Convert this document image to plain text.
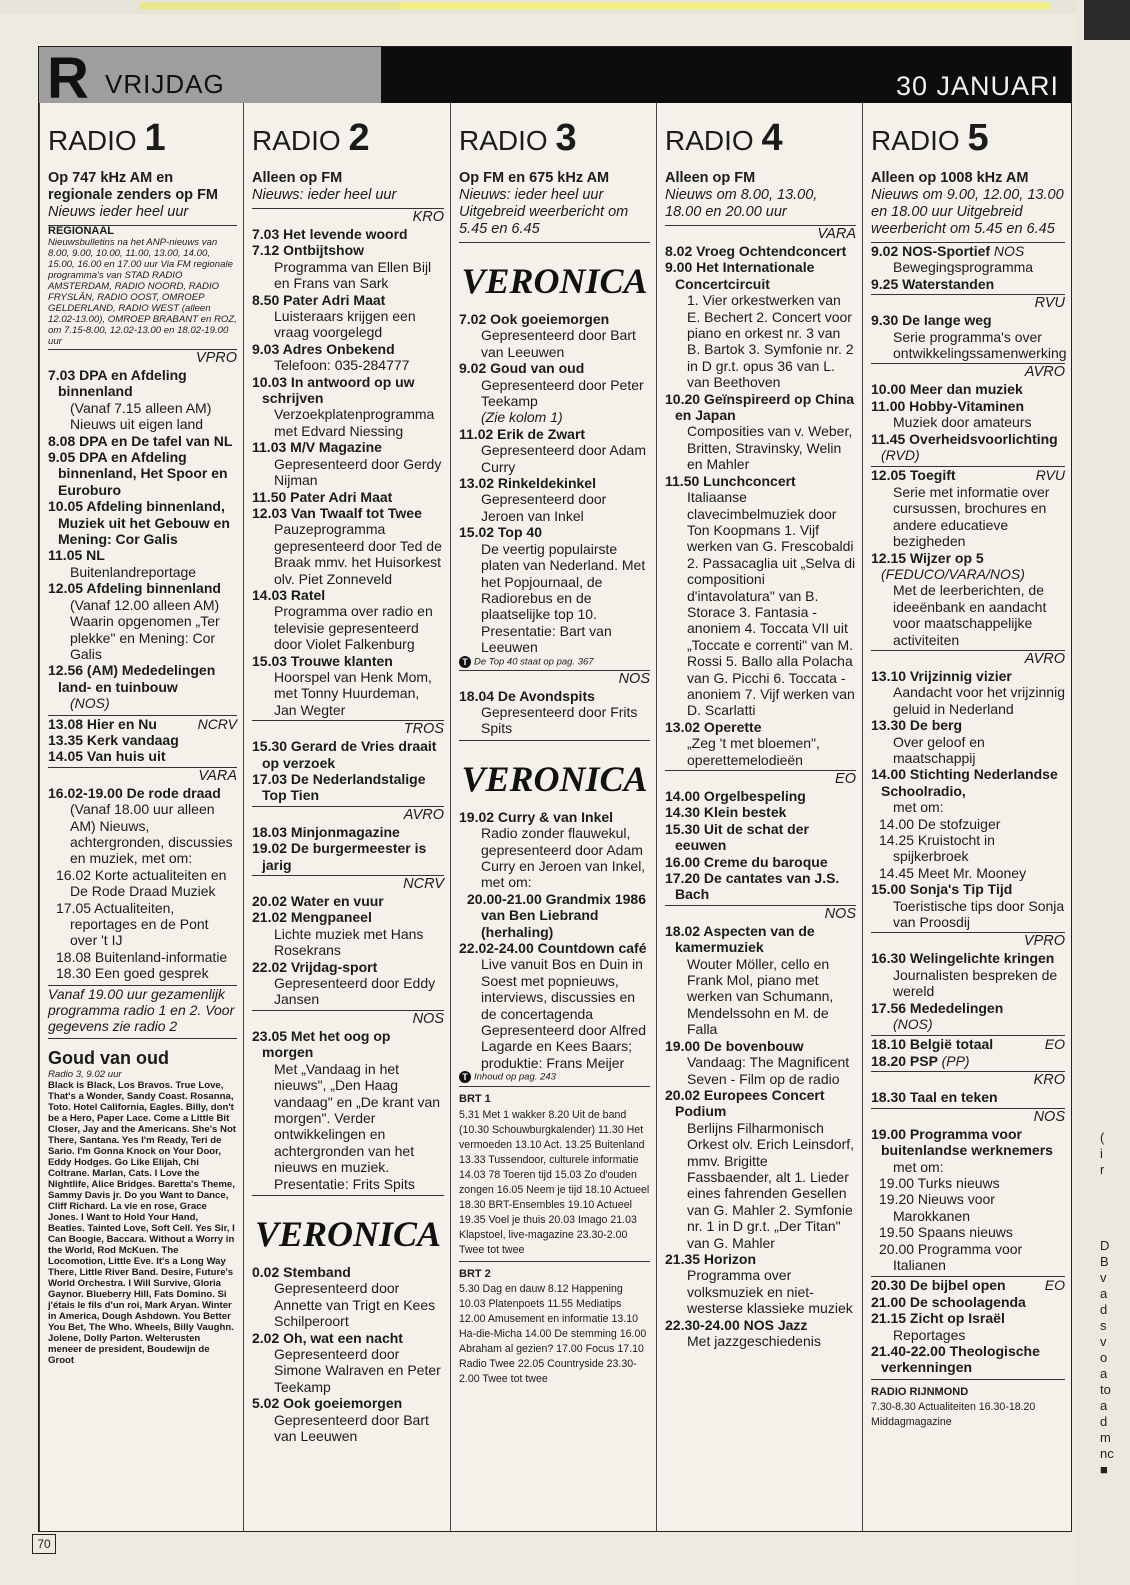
(
i
r
D
B
v
a
d
s
v
o
a
to
a
d
m
nc
■
R VRIJDAG	30 JANUARI
RADIO 1
Op 747 kHz AM en regionale zenders op FM
Nieuws ieder heel uur
REGIONAAL
Nieuwsbulletins na het ANP-nieuws van 8.00, 9.00, 10.00, 11.00, 13.00, 14.00, 15.00, 16.00 en 17.00 uur Via FM regionale programma's van STAD RADIO AMSTERDAM, RADIO NOORD, RADIO FRYSLÂN, RADIO OOST, OMROEP GELDERLAND, RADIO WEST (alleen 12.02-13.00), OMROEP BRABANT en ROZ, om 7.15-8.00, 12.02-13.00 en 18.02-19.00 uur
VPRO
7.03 DPA en Afdeling binnenland
(Vanaf 7.15 alleen AM) Nieuws uit eigen land
8.08 DPA en De tafel van NL
9.05 DPA en Afdeling binnenland, Het Spoor en Euroburo
10.05 Afdeling binnenland, Muziek uit het Gebouw en Mening: Cor Galis
11.05 NL
Buitenlandreportage
12.05 Afdeling binnenland
(Vanaf 12.00 alleen AM) Waarin opgenomen „Ter plekke" en Mening: Cor Galis
12.56 (AM) Mededelingen land- en tuinbouw
(NOS)
13.08 Hier en Nu	NCRV
13.35 Kerk vandaag
14.05 Van huis uit
VARA
16.02-19.00 De rode draad
(Vanaf 18.00 uur alleen AM) Nieuws, achtergronden, discussies en muziek, met om:
16.02 Korte actualiteiten en De Rode Draad Muziek
17.05 Actualiteiten, reportages en de Pont over 't IJ
18.08 Buitenland-informatie
18.30 Een goed gesprek
Vanaf 19.00 uur gezamenlijk programma radio 1 en 2. Voor gegevens zie radio 2
Goud van oud
Radio 3, 9.02 uur
Black is Black, Los Bravos. True Love, That's a Wonder, Sandy Coast. Rosanna, Toto. Hotel California, Eagles. Billy, don't be a Hero, Paper Lace. Come a Little Bit Closer, Jay and the Americans. She's Not There, Santana. Yes I'm Ready, Teri de Sario. I'm Gonna Knock on Your Door, Eddy Hodges. Go Like Elijah, Chi Coltrane. Marlan, Cats. I Love the Nightlife, Alice Bridges. Baretta's Theme, Sammy Davis jr. Do you Want to Dance, Cliff Richard. La vie en rose, Grace Jones. I Want to Hold Your Hand, Beatles. Tainted Love, Soft Cell. Yes Sir, I Can Boogie, Baccara. Without a Worry in the World, Rod McKuen. The Locomotion, Little Eve. It's a Long Way There, Little River Band. Desire, Future's World Orchestra. I Will Survive, Gloria Gaynor. Blueberry Hill, Fats Domino. Si j'étais le fils d'un roi, Mark Aryan. Winter in America, Dough Ashdown. You Better You Bet, The Who. Wheels, Billy Vaughn. Jolene, Dolly Parton. Welterusten meneer de president, Boudewijn de Groot
RADIO 2
Alleen op FM
Nieuws: ieder heel uur
KRO
7.03 Het levende woord
7.12 Ontbijtshow
Programma van Ellen Bijl en Frans van Sark
8.50 Pater Adri Maat
Luisteraars krijgen een vraag voorgelegd
9.03 Adres Onbekend
Telefoon: 035-284777
10.03 In antwoord op uw schrijven
Verzoekplatenprogramma met Edvard Niessing
11.03 M/V Magazine
Gepresenteerd door Gerdy Nijman
11.50 Pater Adri Maat
12.03 Van Twaalf tot Twee
Pauzeprogramma gepresenteerd door Ted de Braak mmv. het Huisorkest olv. Piet Zonneveld
14.03 Ratel
Programma over radio en televisie gepresenteerd door Violet Falkenburg
15.03 Trouwe klanten
Hoorspel van Henk Mom, met Tonny Huurdeman, Jan Wegter
TROS
15.30 Gerard de Vries draait op verzoek
17.03 De Nederlandstalige Top Tien
AVRO
18.03 Minjonmagazine
19.02 De burgermeester is jarig
NCRV
20.02 Water en vuur
21.02 Mengpaneel
Lichte muziek met Hans Rosekrans
22.02 Vrijdag-sport
Gepresenteerd door Eddy Jansen
NOS
23.05 Met het oog op morgen
Met „Vandaag in het nieuws", „Den Haag vandaag" en „De krant van morgen". Verder ontwikkelingen en achtergronden van het nieuws en muziek. Presentatie: Frits Spits
VERONICA
0.02 Stemband
Gepresenteerd door Annette van Trigt en Kees Schilperoort
2.02 Oh, wat een nacht
Gepresenteerd door Simone Walraven en Peter Teekamp
5.02 Ook goeiemorgen
Gepresenteerd door Bart van Leeuwen
RADIO 3
Op FM en 675 kHz AM
Nieuws: ieder heel uur Uitgebreid weerbericht om 5.45 en 6.45
VERONICA
7.02 Ook goeiemorgen
Gepresenteerd door Bart van Leeuwen
9.02 Goud van oud
Gepresenteerd door Peter Teekamp
(Zie kolom 1)
11.02 Erik de Zwart
Gepresenteerd door Adam Curry
13.02 Rinkeldekinkel
Gepresenteerd door Jeroen van Inkel
15.02 Top 40
De veertig populairste platen van Nederland. Met het Popjournaal, de Radiorebus en de plaatselijke top 10. Presentatie: Bart van Leeuwen
T De Top 40 staat op pag. 367
NOS
18.04 De Avondspits
Gepresenteerd door Frits Spits
VERONICA
19.02 Curry & van Inkel
Radio zonder flauwekul, gepresenteerd door Adam Curry en Jeroen van Inkel, met om:
20.00-21.00 Grandmix 1986 van Ben Liebrand (herhaling)
22.02-24.00 Countdown café
Live vanuit Bos en Duin in Soest met popnieuws, interviews, discussies en de concertagenda Gepresenteerd door Alfred Lagarde en Kees Baars; produktie: Frans Meijer
T Inhoud op pag. 243
BRT 1
5.31 Met 1 wakker 8.20 Uit de band (10.30 Schouwburgkalender) 11.30 Het vermoeden 13.10 Act. 13.25 Buitenland 13.33 Tussendoor, culturele informatie 14.03 78 Toeren tijd 15.03 Zo d'ouden zongen 16.05 Neem je tijd 18.10 Actueel 18.30 BRT-Ensembles 19.10 Actueel 19.35 Voel je thuis 20.03 Imago 21.03 Klapstoel, live-magazine 23.30-2.00 Twee tot twee
BRT 2
5.30 Dag en dauw 8.12 Happening 10.03 Platenpoets 11.55 Mediatips 12.00 Amusement en informatie 13.10 Ha-die-Micha 14.00 De stemming 16.00 Abraham al gezien? 17.00 Focus 17.10 Radio Twee 22.05 Countryside 23.30-2.00 Twee tot twee
RADIO 4
Alleen op FM
Nieuws om 8.00, 13.00, 18.00 en 20.00 uur
VARA
8.02 Vroeg Ochtendconcert
9.00 Het Internationale Concertcircuit
1. Vier orkestwerken van E. Bechert 2. Concert voor piano en orkest nr. 3 van B. Bartok 3. Symfonie nr. 2 in D gr.t. opus 36 van L. van Beethoven
10.20 Geïnspireerd op China en Japan
Composities van v. Weber, Britten, Stravinsky, Welin en Mahler
11.50 Lunchconcert
Italiaanse clavecimbelmuziek door Ton Koopmans 1. Vijf werken van G. Frescobaldi 2. Passacaglia uit „Selva di compositioni d'intavolatura" van B. Storace 3. Fantasia - anoniem 4. Toccata VII uit „Toccate e correnti" van M. Rossi 5. Ballo alla Polacha van G. Picchi 6. Toccata - anoniem 7. Vijf werken van D. Scarlatti
13.02 Operette
„Zeg 't met bloemen", operettemelodieën
EO
14.00 Orgelbespeling
14.30 Klein bestek
15.30 Uit de schat der eeuwen
16.00 Creme du baroque
17.20 De cantates van J.S. Bach
NOS
18.02 Aspecten van de kamermuziek
Wouter Möller, cello en Frank Mol, piano met werken van Schumann, Mendelssohn en M. de Falla
19.00 De bovenbouw
Vandaag: The Magnificent Seven - Film op de radio
20.02 Europees Concert Podium
Berlijns Filharmonisch Orkest olv. Erich Leinsdorf, mmv. Brigitte Fassbaender, alt 1. Lieder eines fahrenden Gesellen van G. Mahler 2. Symfonie nr. 1 in D gr.t. „Der Titan" van G. Mahler
21.35 Horizon
Programma over volksmuziek en niet-westerse klassieke muziek
22.30-24.00 NOS Jazz
Met jazzgeschiedenis
RADIO 5
Alleen op 1008 kHz AM
Nieuws om 9.00, 12.00, 13.00 en 18.00 uur Uitgebreid weerbericht om 5.45 en 6.45
9.02 NOS-Sportief NOS
Bewegingsprogramma
9.25 Waterstanden
RVU
9.30 De lange weg
Serie programma's over ontwikkelingssamenwerking
AVRO
10.00 Meer dan muziek
11.00 Hobby-Vitaminen
Muziek door amateurs
11.45 Overheidsvoorlichting (RVD)
12.05 Toegift	RVU
Serie met informatie over cursussen, brochures en andere educatieve bezigheden
12.15 Wijzer op 5 (FEDUCO/VARA/NOS)
Met de leerberichten, de ideeënbank en aandacht voor maatschappelijke activiteiten
AVRO
13.10 Vrijzinnig vizier
Aandacht voor het vrijzinnig geluid in Nederland
13.30 De berg
Over geloof en maatschappij
14.00 Stichting Nederlandse Schoolradio,
met om:
14.00 De stofzuiger
14.25 Kruistocht in spijkerbroek
14.45 Meet Mr. Mooney
15.00 Sonja's Tip Tijd
Toeristische tips door Sonja van Proosdij
VPRO
16.30 Welingelichte kringen
Journalisten bespreken de wereld
17.56 Mededelingen
(NOS)
18.10 België totaal	EO
18.20 PSP (PP)
KRO
18.30 Taal en teken
NOS
19.00 Programma voor buitenlandse werknemers
met om:
19.00 Turks nieuws
19.20 Nieuws voor Marokkanen
19.50 Spaans nieuws
20.00 Programma voor Italianen
20.30 De bijbel open	EO
21.00 De schoolagenda
21.15 Zicht op Israël
Reportages
21.40-22.00 Theologische verkenningen
RADIO RIJNMOND
7.30-8.30 Actualiteiten 16.30-18.20 Middagmagazine
70
